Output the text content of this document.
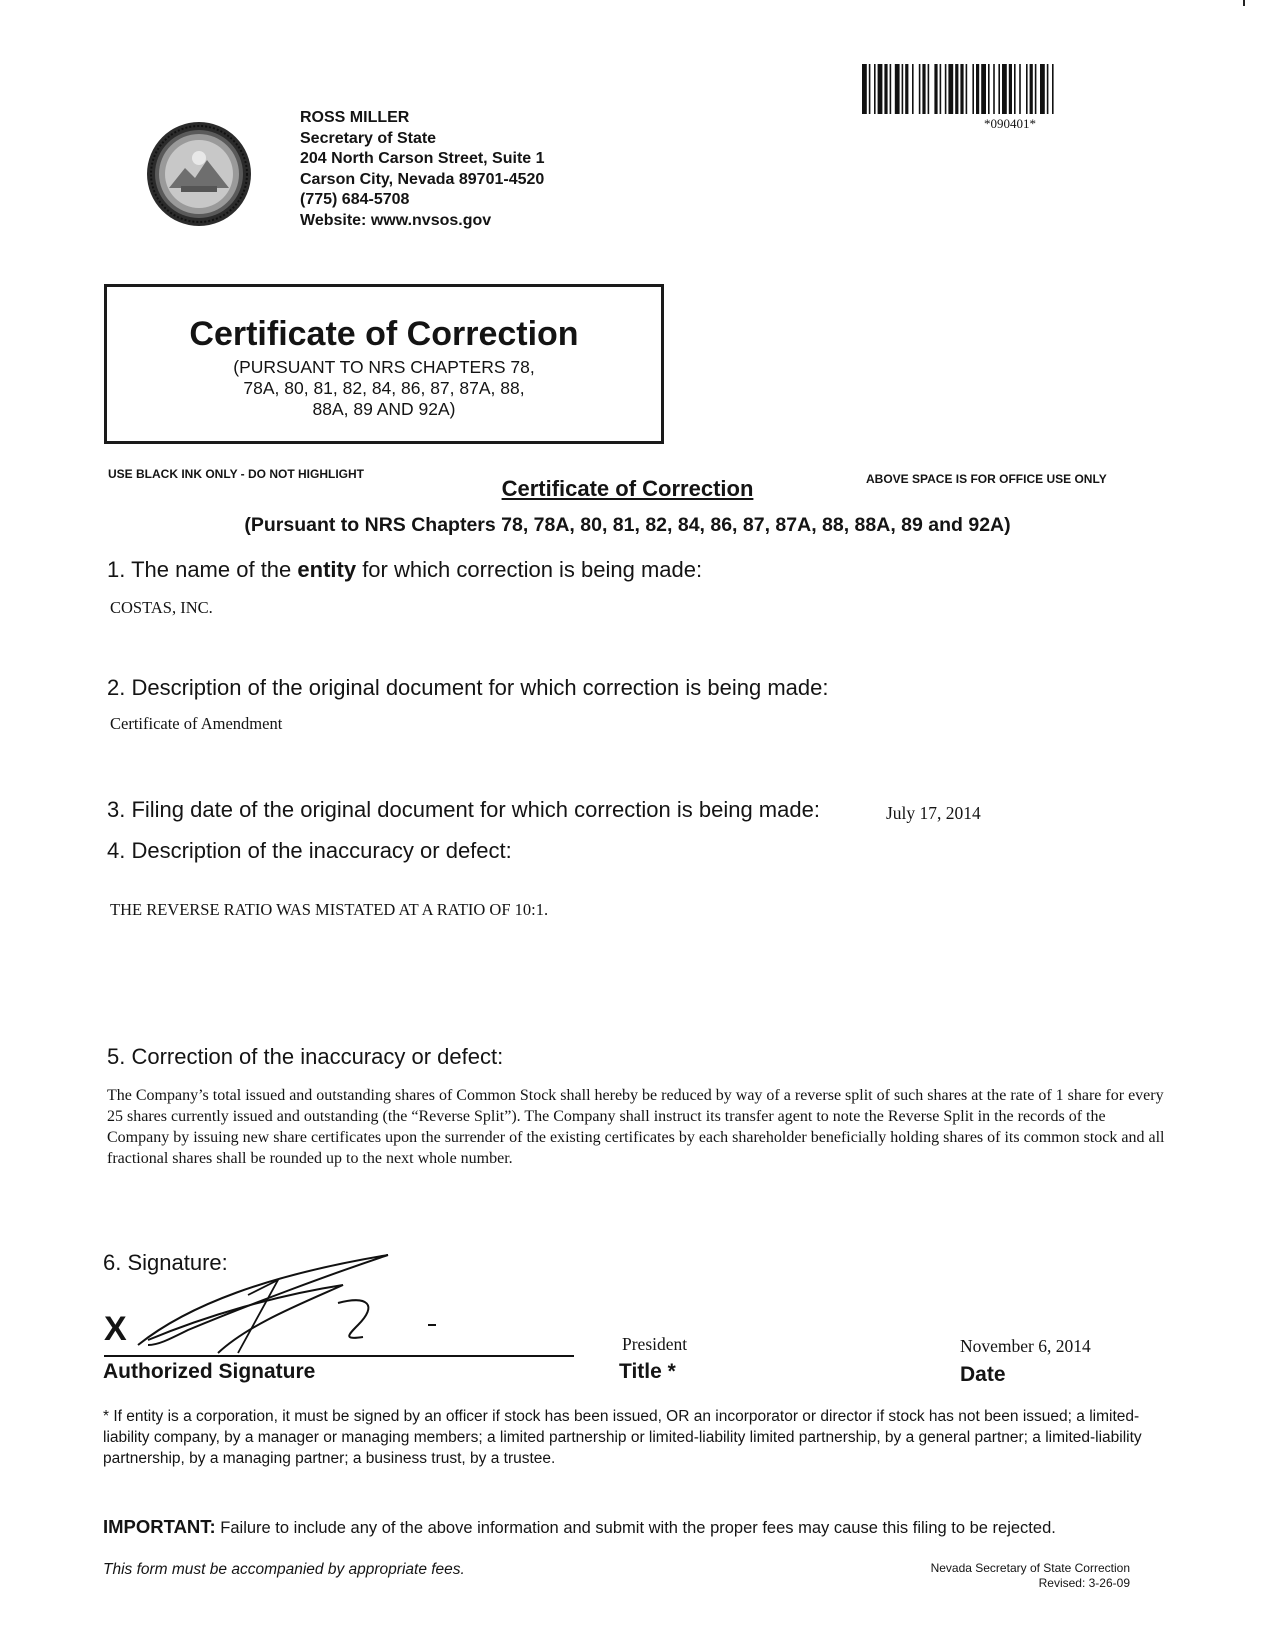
ROSS MILLER
Secretary of State
204 North Carson Street, Suite 1
Carson City, Nevada 89701-4520
(775) 684-5708
Website: www.nvsos.gov
*090401*
Certificate of Correction
(PURSUANT TO NRS CHAPTERS 78,
78A, 80, 81, 82, 84, 86, 87, 87A, 88,
88A, 89 AND 92A)
USE BLACK INK ONLY - DO NOT HIGHLIGHT	ABOVE SPACE IS FOR OFFICE USE ONLY
Certificate of Correction
(Pursuant to NRS Chapters 78, 78A, 80, 81, 82, 84, 86, 87, 87A, 88, 88A, 89 and 92A)
1. The name of the entity for which correction is being made:
COSTAS, INC.
2. Description of the original document for which correction is being made:
Certificate of Amendment
3. Filing date of the original document for which correction is being made:	July 17, 2014
4. Description of the inaccuracy or defect:
THE REVERSE RATIO WAS MISTATED AT A RATIO OF 10:1.
5. Correction of the inaccuracy or defect:
The Company’s total issued and outstanding shares of Common Stock shall hereby be reduced by way of a reverse split of such shares at the rate of 1 share for every 25 shares currently issued and outstanding (the “Reverse Split”). The Company shall instruct its transfer agent to note the Reverse Split in the records of the Company by issuing new share certificates upon the surrender of the existing certificates by each shareholder beneficially holding shares of its common stock and all fractional shares shall be rounded up to the next whole number.
6. Signature:
X
Authorized Signature
President
Title *
November 6, 2014
Date
* If entity is a corporation, it must be signed by an officer if stock has been issued, OR an incorporator or director if stock has not been issued; a limited-liability company, by a manager or managing members; a limited partnership or limited-liability limited partnership, by a general partner; a limited-liability partnership, by a managing partner; a business trust, by a trustee.
IMPORTANT: Failure to include any of the above information and submit with the proper fees may cause this filing to be rejected.
This form must be accompanied by appropriate fees.	Nevada Secretary of State Correction
Revised: 3-26-09
